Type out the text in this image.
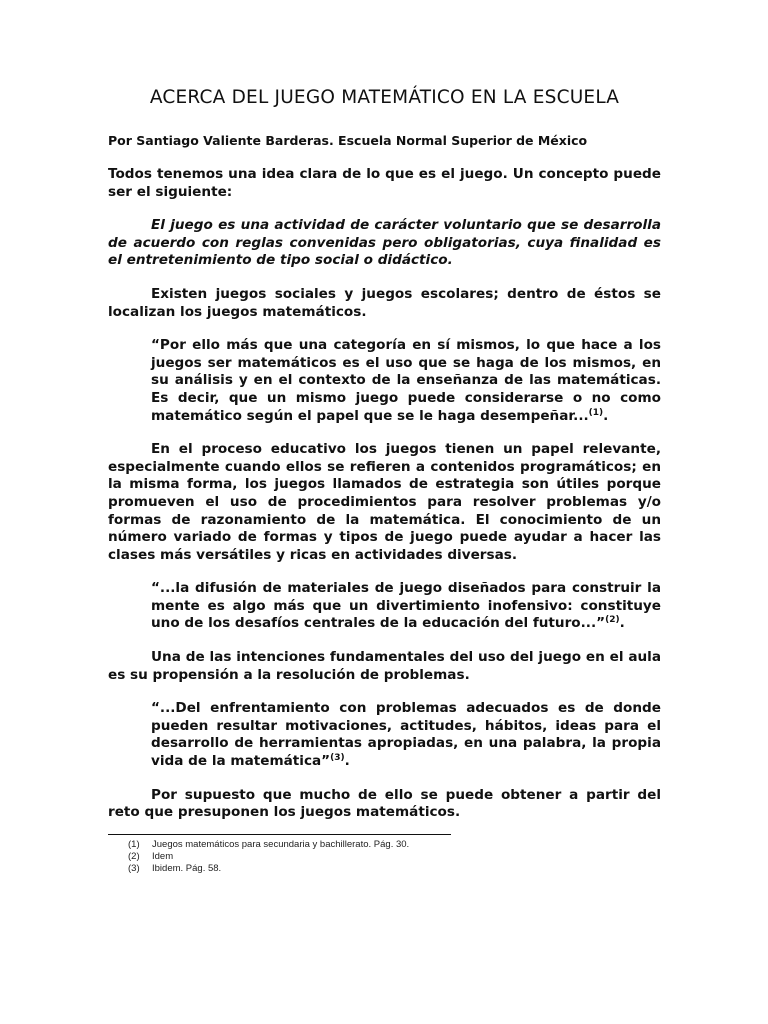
ACERCA DEL JUEGO MATEMÁTICO EN LA ESCUELA
Por Santiago Valiente Barderas. Escuela Normal Superior de México

Todos tenemos una idea clara de lo que es el juego. Un concepto puede ser el siguiente:

El juego es una actividad de carácter voluntario que se desarrolla de acuerdo con reglas convenidas pero obligatorias, cuya finalidad es el entretenimiento de tipo social o didáctico.

Existen juegos sociales y juegos escolares; dentro de éstos se localizan los juegos matemáticos.

“Por ello más que una categoría en sí mismos, lo que hace a los juegos ser matemáticos es el uso que se haga de los mismos, en su análisis y en el contexto de la enseñanza de las matemáticas. Es decir, que un mismo juego puede considerarse o no como matemático según el papel que se le haga desempeñar...$^{(1)}$.

En el proceso educativo los juegos tienen un papel relevante, especialmente cuando ellos se refieren a contenidos programáticos; en la misma forma, los juegos llamados de estrategia son útiles porque promueven el uso de procedimientos para resolver problemas y/o formas de razonamiento de la matemática. El conocimiento de un número variado de formas y tipos de juego puede ayudar a hacer las clases más versátiles y ricas en actividades diversas.

“...la difusión de materiales de juego diseñados para construir la mente es algo más que un divertimiento inofensivo: constituye uno de los desafíos centrales de la educación del futuro...”$^{(2)}$.

Una de las intenciones fundamentales del uso del juego en el aula es su propensión a la resolución de problemas.

“...Del enfrentamiento con problemas adecuados es de donde pueden resultar motivaciones, actitudes, hábitos, ideas para el desarrollo de herramientas apropiadas, en una palabra, la propia vida de la matemática”$^{(3)}$.

Por supuesto que mucho de ello se puede obtener a partir del reto que presuponen los juegos matemáticos.

(1)	Juegos matemáticos para secundaria y bachillerato. Pág. 30.
(2)	Idem
(3)	Ibidem. Pág. 58.
